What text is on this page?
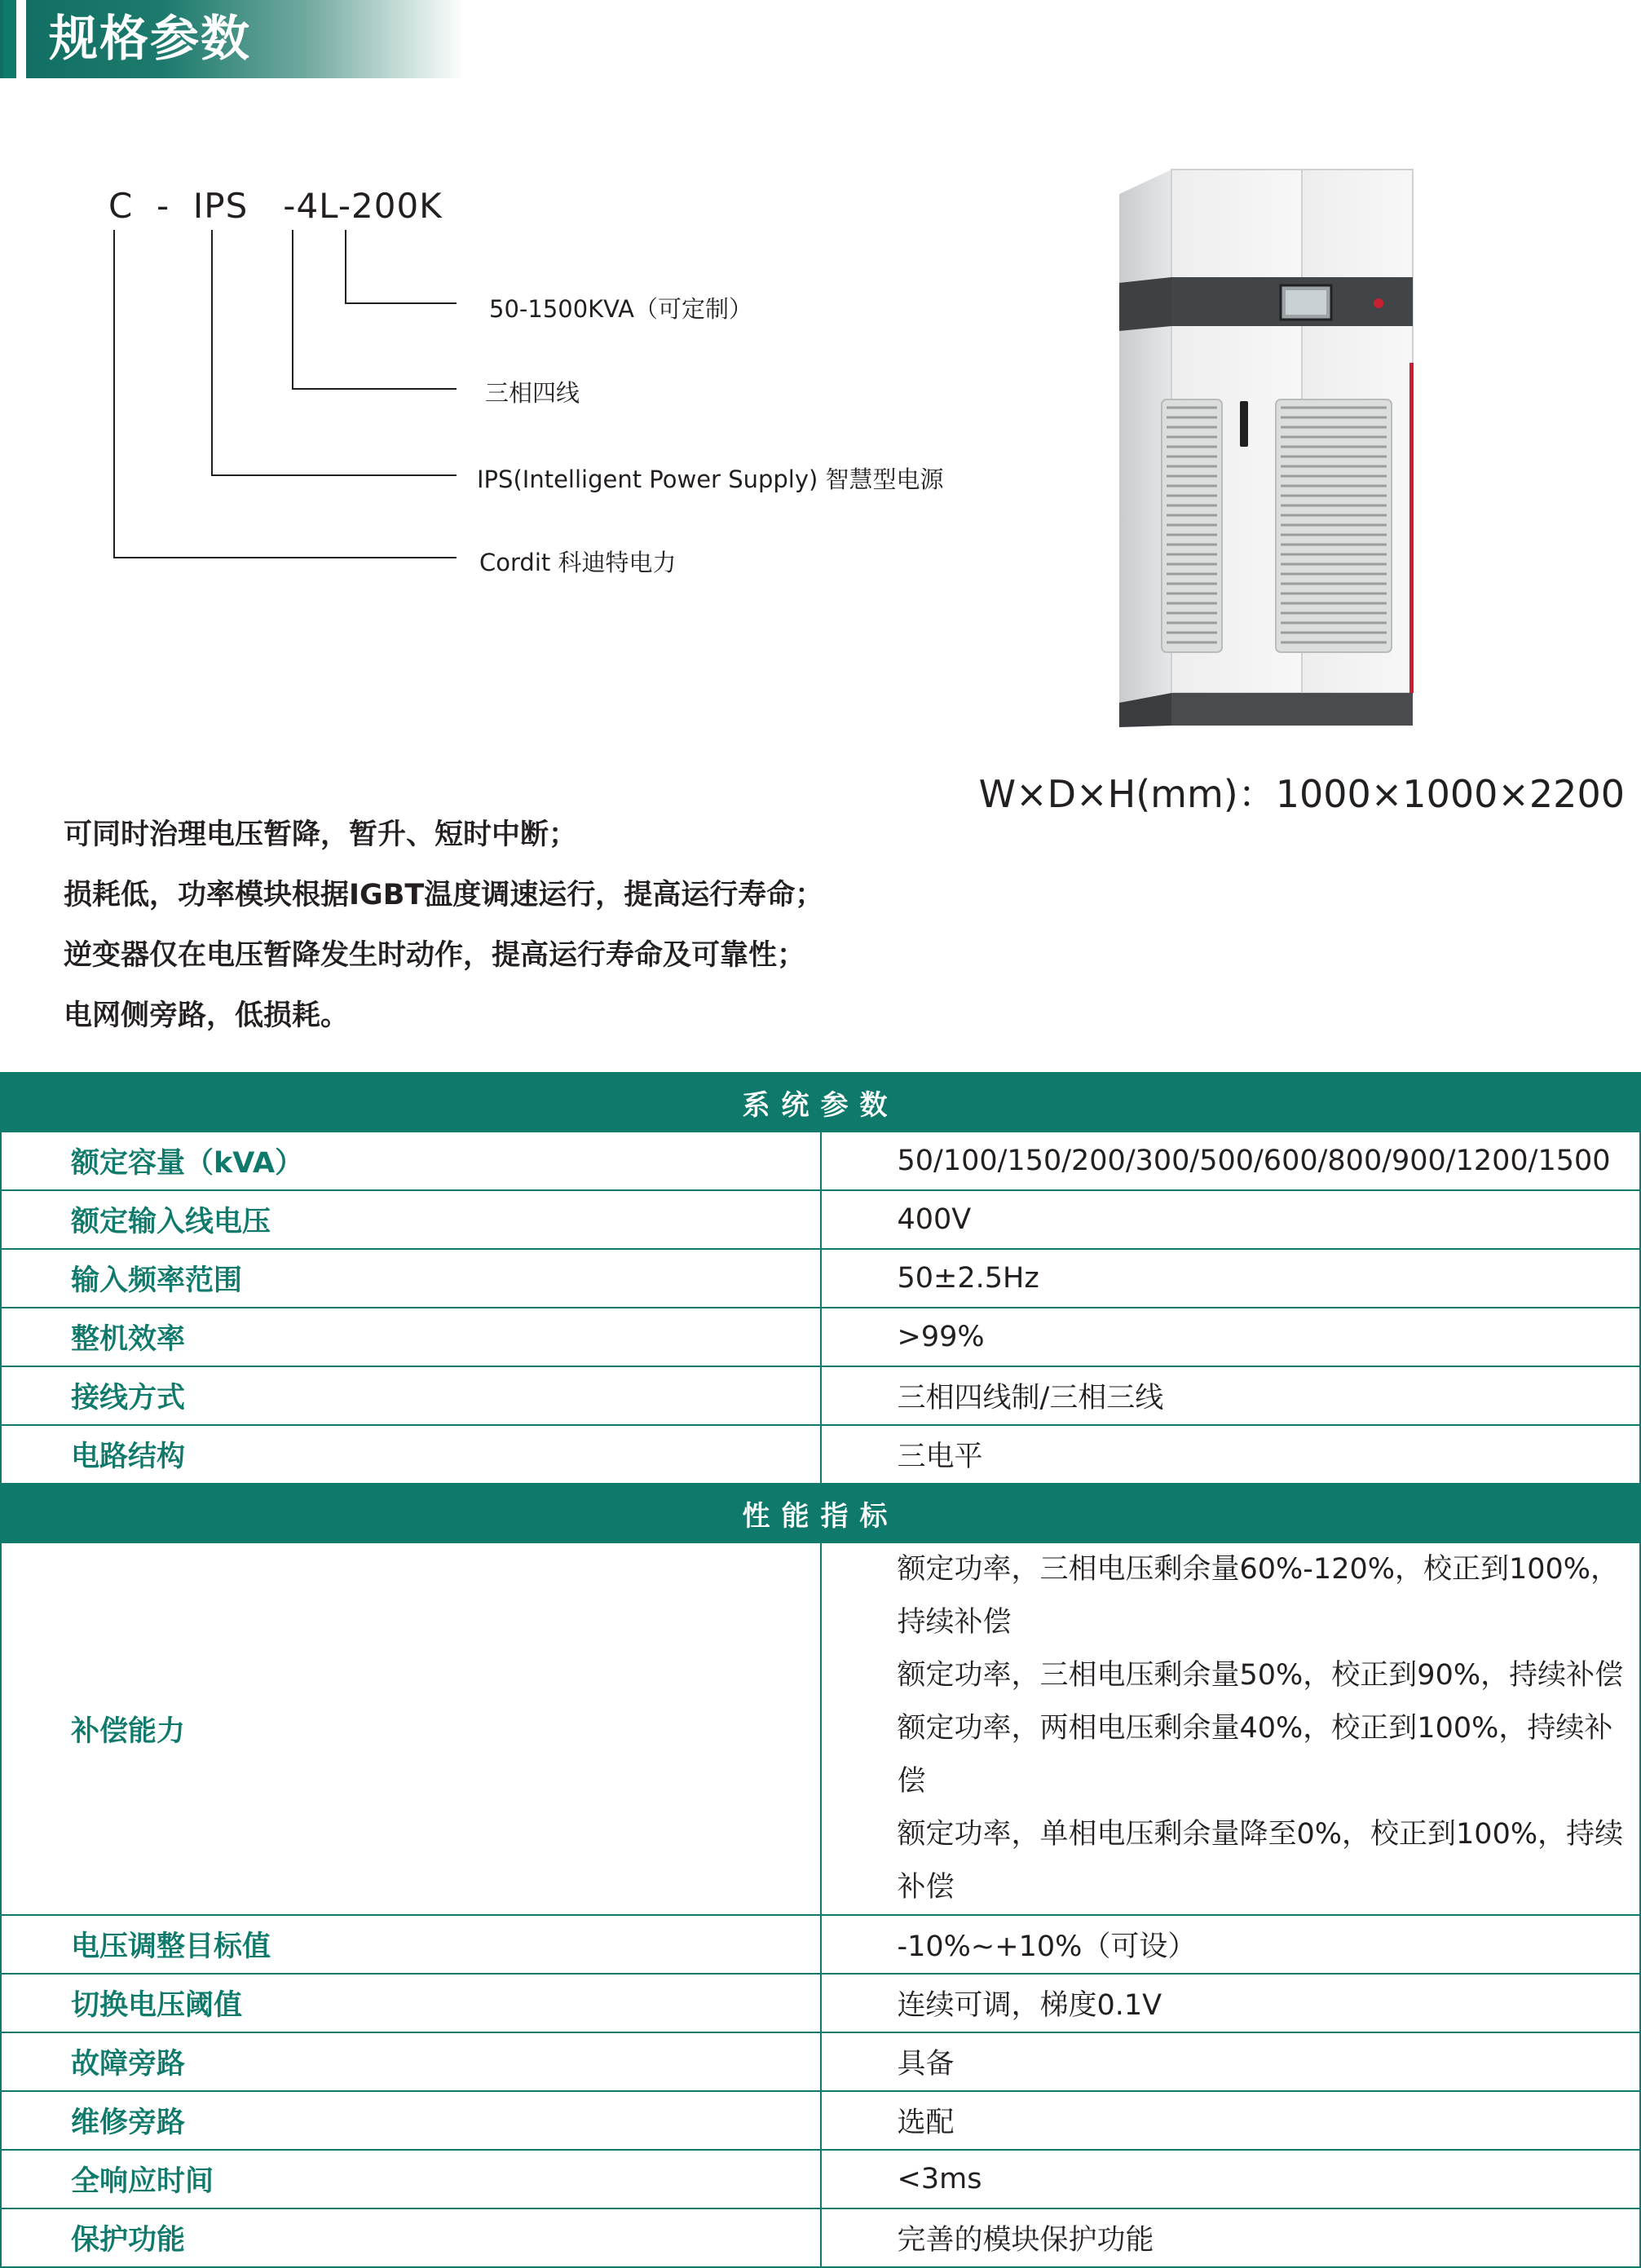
规格参数
C  -  IPS   -4L-200K
50-1500KVA（可定制）
三相四线
IPS(Intelligent Power Supply) 智慧型电源
Cordit 科迪特电力
W×D×H(mm)：1000×1000×2200
可同时治理电压暂降，暂升、短时中断；
损耗低，功率模块根据IGBT温度调速运行，提高运行寿命；
逆变器仅在电压暂降发生时动作，提高运行寿命及可靠性；
电网侧旁路，低损耗。
系统参数	
额定容量（kVA）	50/100/150/200/300/500/600/800/900/1200/1500
额定输入线电压	400V
输入频率范围	50±2.5Hz
整机效率	>99%
接线方式	三相四线制/三相三线
电路结构	三电平
性能指标	
补偿能力	额定功率，三相电压剩余量60%-120%，校正到100%，持续补偿
额定功率，三相电压剩余量50%，校正到90%，持续补偿
额定功率，两相电压剩余量40%，校正到100%，持续补偿
额定功率，单相电压剩余量降至0%，校正到100%，持续补偿

电压调整目标值	-10%~+10%（可设）
切换电压阈值	连续可调，梯度0.1V
故障旁路	具备
维修旁路	选配
全响应时间	<3ms
保护功能	完善的模块保护功能
